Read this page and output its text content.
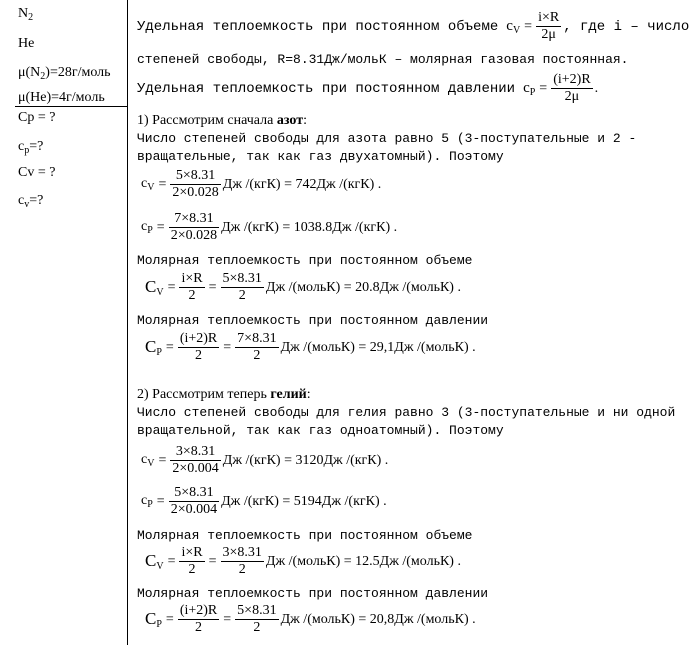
$N_2$
He
$\mu(N_2)=28г$/моль
μ(He)=4г/моль
Cp = ?
$c_p=$?
Cv = ?
$c_v=$?
Удельная теплоемкость при постоянном объеме $c_V = \frac{i\times R}{2\mu}$ , где i – число
степеней свободы, R=8.31Дж/мольК – молярная газовая постоянная.
Удельная теплоемкость при постоянном давлении $c_P = \frac{(i+2)R}{2\mu}$ .
1) Рассмотрим сначала азот:
Число степеней свободы для азота равно 5 (3-поступательные и 2 -
вращательные, так как газ двухатомный). Поэтому
$c_V = \frac{5\times 8.31}{2\times 0.028}$ Дж /(кгК) = 742Дж /(кгК) .
$c_P = \frac{7\times 8.31}{2\times 0.028}$ Дж /(кгК) = 1038.8Дж /(кгК) .
Молярная теплоемкость при постоянном объеме
$C_V = \frac{i\times R}{2} = \frac{5\times 8.31}{2}$ Дж /(мольК) = 20.8Дж /(мольК) .
Молярная теплоемкость при постоянном давлении
$C_P = \frac{(i+2)R}{2} = \frac{7\times 8.31}{2}$ Дж /(мольК) = 29,1Дж /(мольК) .
2) Рассмотрим теперь гелий:
Число степеней свободы для гелия равно 3 (3-поступательные и ни одной
вращательной, так как газ одноатомный). Поэтому
$c_V = \frac{3\times 8.31}{2\times 0.004}$ Дж /(кгК) = 3120Дж /(кгК) .
$c_P = \frac{5\times 8.31}{2\times 0.004}$ Дж /(кгК) = 5194Дж /(кгК) .
Молярная теплоемкость при постоянном объеме
$C_V = \frac{i\times R}{2} = \frac{3\times 8.31}{2}$ Дж /(мольК) = 12.5Дж /(мольК) .
Молярная теплоемкость при постоянном давлении
$C_P = \frac{(i+2)R}{2} = \frac{5\times 8.31}{2}$ Дж /(мольК) = 20,8Дж /(мольК) .
